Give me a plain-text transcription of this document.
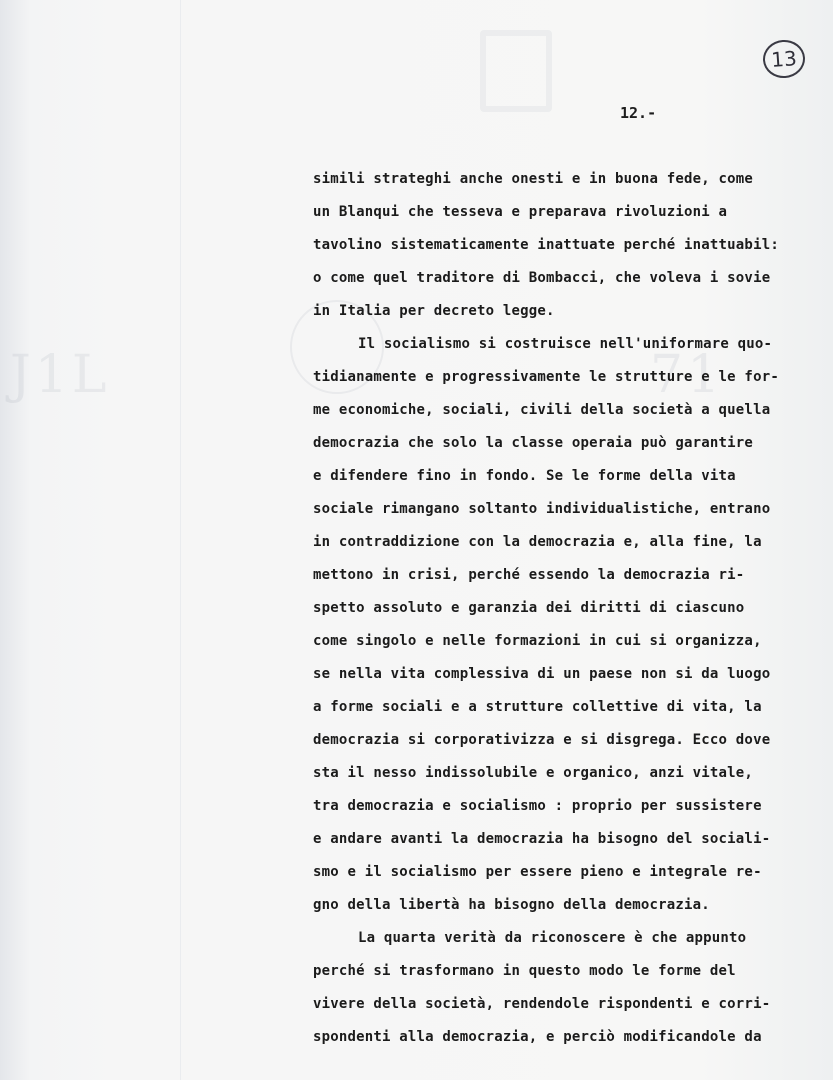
J1L	71
13
12.-
simili strateghi anche onesti e in buona fede, come
un Blanqui che tesseva e preparava rivoluzioni a
tavolino sistematicamente inattuate perché inattuabil:
o come quel traditore di Bombacci, che voleva i sovie
in Italia per decreto legge.
Il socialismo si costruisce nell'uniformare quo-
tidianamente e progressivamente le strutture e le for-
me economiche, sociali, civili della società a quella
democrazia che solo la classe operaia può garantire
e difendere fino in fondo. Se le forme della vita
sociale rimangano soltanto individualistiche, entrano
in contraddizione con la democrazia e, alla fine, la
mettono in crisi, perché essendo la democrazia ri-
spetto assoluto e garanzia dei diritti di ciascuno
come singolo e nelle formazioni in cui si organizza,
se nella vita complessiva di un paese non si da luogo
a forme sociali e a strutture collettive di vita, la
democrazia si corporativizza e si disgrega. Ecco dove
sta il nesso indissolubile e organico, anzi vitale,
tra democrazia e socialismo : proprio per sussistere
e andare avanti la democrazia ha bisogno del sociali-
smo e il socialismo per essere pieno e integrale re-
gno della libertà ha bisogno della democrazia.
La quarta verità da riconoscere è che appunto
perché si trasformano in questo modo le forme del
vivere della società, rendendole rispondenti e corri-
spondenti alla democrazia, e perciò modificandole da
